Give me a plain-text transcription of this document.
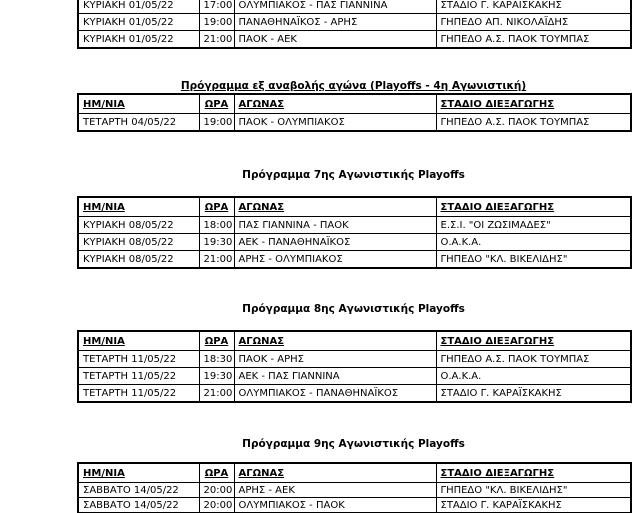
ΚΥΡΙΑΚΗ 01/05/22	17:00	ΟΛΥΜΠΙΑΚΟΣ - ΠΑΣ ΓΙΑΝΝΙΝΑ	ΣΤΑΔΙΟ Γ. ΚΑΡΑΪΣΚΑΚΗΣ
ΚΥΡΙΑΚΗ 01/05/22	19:00	ΠΑΝΑΘΗΝΑΪΚΟΣ - ΑΡΗΣ	ΓΗΠΕΔΟ ΑΠ. ΝΙΚΟΛΑΪΔΗΣ
ΚΥΡΙΑΚΗ 01/05/22	21:00	ΠΑΟΚ - ΑΕΚ	ΓΗΠΕΔΟ Α.Σ. ΠΑΟΚ ΤΟΥΜΠΑΣ
Πρόγραμμα εξ αναβολής αγώνα (Playoffs - 4η Αγωνιστική)
ΗΜ/ΝΙΑ	ΩΡΑ	ΑΓΩΝΑΣ	ΣΤΑΔΙΟ ΔΙΕΞΑΓΩΓΗΣ
ΤΕΤΑΡΤΗ 04/05/22	19:00	ΠΑΟΚ - ΟΛΥΜΠΙΑΚΟΣ	ΓΗΠΕΔΟ Α.Σ. ΠΑΟΚ ΤΟΥΜΠΑΣ
Πρόγραμμα 7ης Αγωνιστικής Playoffs
ΗΜ/ΝΙΑ	ΩΡΑ	ΑΓΩΝΑΣ	ΣΤΑΔΙΟ ΔΙΕΞΑΓΩΓΗΣ
ΚΥΡΙΑΚΗ 08/05/22	18:00	ΠΑΣ ΓΙΑΝΝΙΝΑ - ΠΑΟΚ	Ε.Σ.Ι. "ΟΙ ΖΩΣΙΜΑΔΕΣ"
ΚΥΡΙΑΚΗ 08/05/22	19:30	ΑΕΚ - ΠΑΝΑΘΗΝΑΪΚΟΣ	Ο.Α.Κ.Α.
ΚΥΡΙΑΚΗ 08/05/22	21:00	ΑΡΗΣ - ΟΛΥΜΠΙΑΚΟΣ	ΓΗΠΕΔΟ "ΚΛ. ΒΙΚΕΛΙΔΗΣ"
Πρόγραμμα 8ης Αγωνιστικής Playoffs
ΗΜ/ΝΙΑ	ΩΡΑ	ΑΓΩΝΑΣ	ΣΤΑΔΙΟ ΔΙΕΞΑΓΩΓΗΣ
ΤΕΤΑΡΤΗ 11/05/22	18:30	ΠΑΟΚ - ΑΡΗΣ	ΓΗΠΕΔΟ Α.Σ. ΠΑΟΚ ΤΟΥΜΠΑΣ
ΤΕΤΑΡΤΗ 11/05/22	19:30	ΑΕΚ - ΠΑΣ ΓΙΑΝΝΙΝΑ	Ο.Α.Κ.Α.
ΤΕΤΑΡΤΗ 11/05/22	21:00	ΟΛΥΜΠΙΑΚΟΣ - ΠΑΝΑΘΗΝΑΪΚΟΣ	ΣΤΑΔΙΟ Γ. ΚΑΡΑΪΣΚΑΚΗΣ
Πρόγραμμα 9ης Αγωνιστικής Playoffs
ΗΜ/ΝΙΑ	ΩΡΑ	ΑΓΩΝΑΣ	ΣΤΑΔΙΟ ΔΙΕΞΑΓΩΓΗΣ
ΣΑΒΒΑΤΟ 14/05/22	20:00	ΑΡΗΣ - ΑΕΚ	ΓΗΠΕΔΟ "ΚΛ. ΒΙΚΕΛΙΔΗΣ"
ΣΑΒΒΑΤΟ 14/05/22	20:00	ΟΛΥΜΠΙΑΚΟΣ - ΠΑΟΚ	ΣΤΑΔΙΟ Γ. ΚΑΡΑΪΣΚΑΚΗΣ
